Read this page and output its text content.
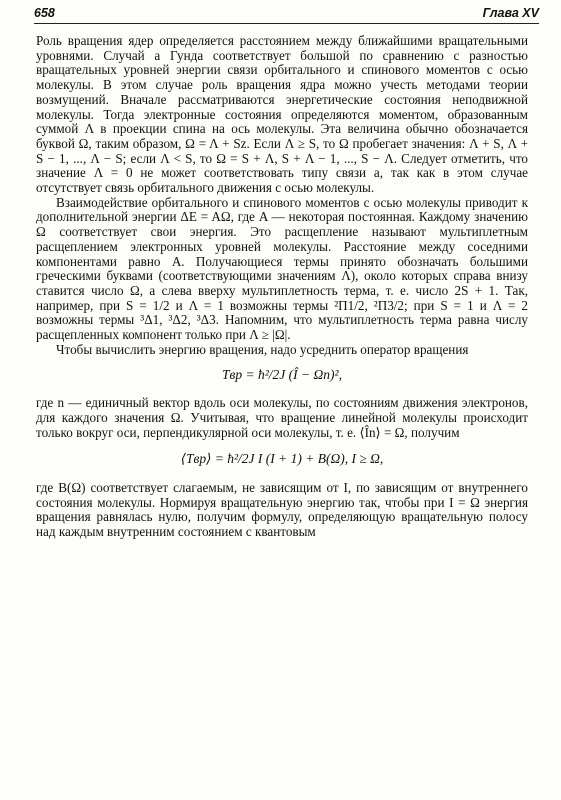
658	Глава XV

Роль вращения ядер определяется расстоянием между ближайшими вращательными уровнями. Случай a Гунда соответствует большой по сравнению с разностью вращательных уровней энергии связи орбитального и спинового моментов с осью молекулы. В этом случае роль вращения ядра можно учесть методами теории возмущений. Вначале рассматриваются энергетические состояния неподвижной молекулы. Тогда электронные состояния определяются моментом, образованным суммой Λ в проекции спина на ось молекулы. Эта величина обычно обозначается буквой Ω, таким образом, Ω = Λ + Sz. Если Λ ≥ S, то Ω пробегает значения: Λ + S, Λ + S − 1, ..., Λ − S; если Λ < S, то Ω = S + Λ, S + Λ − 1, ..., S − Λ. Следует отметить, что значение Λ = 0 не может соответствовать типу связи a, так как в этом случае отсутствует связь орбитального движения с осью молекулы.

Взаимодействие орбитального и спинового моментов с осью молекулы приводит к дополнительной энергии ΔE = AΩ, где A — некоторая постоянная. Каждому значению Ω соответствует свои энергия. Это расщепление называют мультиплетным расщеплением электронных уровней молекулы. Расстояние между соседними компонентами равно A. Получающиеся термы принято обозначать большими греческими буквами (соответствующими значениям Λ), около которых справа внизу ставится число Ω, а слева вверху мультиплетность терма, т. е. число 2S + 1. Так, например, при S = 1/2 и Λ = 1 возможны термы ²Π1/2, ²Π3/2; при S = 1 и Λ = 2 возможны термы ³Δ1, ³Δ2, ³Δ3. Напомним, что мультиплетность терма равна числу расщепленных компонент только при Λ ≥ |Ω|.

Чтобы вычислить энергию вращения, надо усреднить оператор вращения

Tвр = ħ²/2J (Î − Ωn)²,

где n — единичный вектор вдоль оси молекулы, по состояниям движения электронов, для каждого значения Ω. Учитывая, что вращение линейной молекулы происходит только вокруг оси, перпендикулярной оси молекулы, т. е. ⟨În⟩ = Ω, получим

⟨Tвр⟩ = ħ²/2J I (I + 1) + B(Ω), I ≥ Ω,

где B(Ω) соответствует слагаемым, не зависящим от I, по зависящим от внутреннего состояния молекулы. Нормируя вращательную энергию так, чтобы при I = Ω энергия вращения равнялась нулю, получим формулу, определяющую вращательную полосу над каждым внутренним состоянием с квантовым
